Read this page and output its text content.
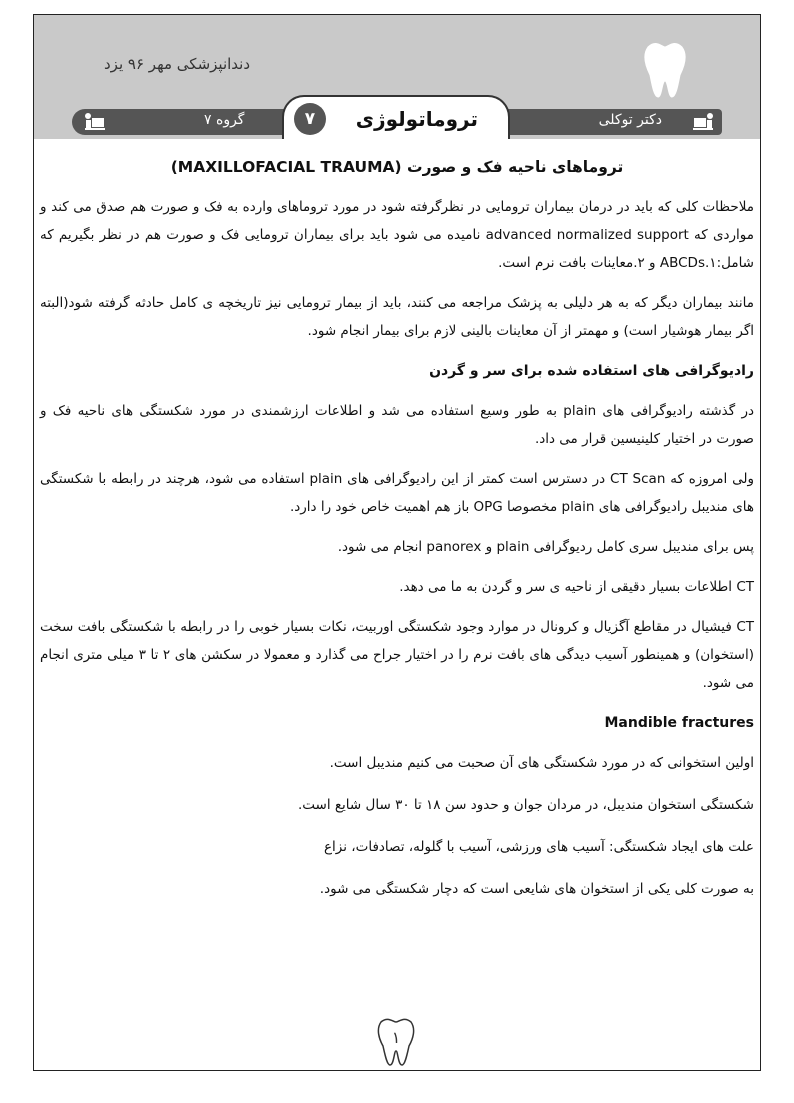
دندانپزشکی مهر ۹۶ یزد
گروه ۷	دکتر توکلی
۷	تروماتولوژی

تروماهای ناحیه فک و صورت (MAXILLOFACIAL TRAUMA)

ملاحظات کلی که باید در درمان بیماران ترومایی در نظرگرفته شود در مورد تروماهای وارده به فک و صورت هم صدق می کند و مواردی که advanced normalized support نامیده می شود باید برای بیماران ترومایی فک و صورت هم در نظر بگیریم که شامل:۱.ABCDs و ۲.معاینات بافت نرم است.

مانند بیماران دیگر که به هر دلیلی به پزشک مراجعه می کنند، باید از بیمار ترومایی نیز تاریخچه ی کامل حادثه گرفته شود(البته اگر بیمار هوشیار است) و مهمتر از آن معاینات بالینی لازم برای بیمار انجام شود.

رادیوگرافی های استفاده شده برای سر و گردن

در گذشته رادیوگرافی های plain به طور وسیع استفاده می شد و اطلاعات ارزشمندی در مورد شکستگی های ناحیه فک و صورت در اختیار کلینیسین قرار می داد.

ولی امروزه که CT Scan در دسترس است کمتر از این رادیوگرافی های plain استفاده می شود، هرچند در رابطه با شکستگی های مندیبل رادیوگرافی های plain مخصوصا OPG باز هم اهمیت خاص خود را دارد.

پس برای مندیبل سری کامل ردیوگرافی plain و panorex انجام می شود.

CT اطلاعات بسیار دقیقی از ناحیه ی سر و گردن به ما می دهد.

CT فیشیال در مقاطع آگزیال و کرونال در موارد وجود شکستگی اوربیت، نکات بسیار خوبی را در رابطه با شکستگی بافت سخت (استخوان) و همینطور آسیب دیدگی های بافت نرم را در اختیار جراح می گذارد و معمولا در سکشن های ۲ تا ۳ میلی متری انجام می شود.

Mandible fractures

اولین استخوانی که در مورد شکستگی های آن صحبت می کنیم مندیبل است.

شکستگی استخوان مندیبل، در مردان جوان و حدود سن ۱۸ تا ۳۰ سال شایع است.

علت های ایجاد شکستگی: آسیب های ورزشی، آسیب با گلوله، تصادفات، نزاع

به صورت کلی یکی از استخوان های شایعی است که دچار شکستگی می شود.

۱
